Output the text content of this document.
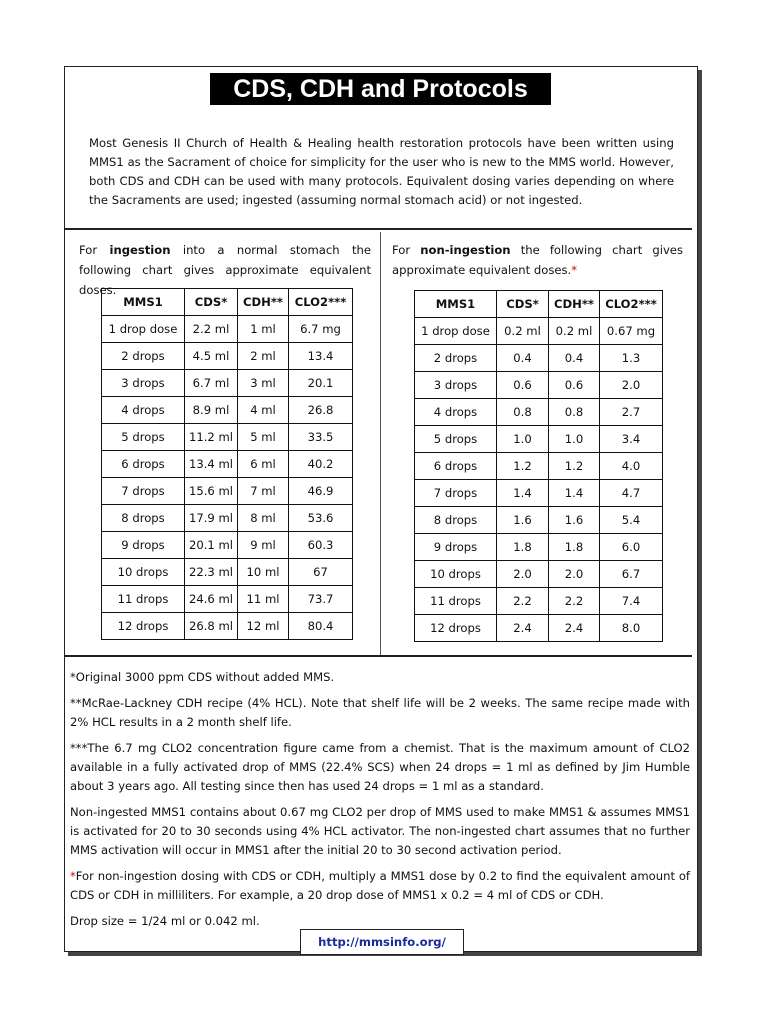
CDS, CDH and Protocols
Most Genesis II Church of Health & Healing health restoration protocols have been written using MMS1 as the Sacrament of choice for simplicity for the user who is new to the MMS world. However, both CDS and CDH can be used with many protocols. Equivalent dosing varies depending on where the Sacraments are used; ingested (assuming normal stomach acid) or not ingested.
For ingestion into a normal stomach the following chart gives approximate equivalent doses.
For non-ingestion the following chart gives approximate equivalent doses.*
MMS1	CDS*	CDH**	CLO2***
1 drop dose	2.2 ml	1 ml	6.7 mg
2 drops	4.5 ml	2 ml	13.4
3 drops	6.7 ml	3 ml	20.1
4 drops	8.9 ml	4 ml	26.8
5 drops	11.2 ml	5 ml	33.5
6 drops	13.4 ml	6 ml	40.2
7 drops	15.6 ml	7 ml	46.9
8 drops	17.9 ml	8 ml	53.6
9 drops	20.1 ml	9 ml	60.3
10 drops	22.3 ml	10 ml	67
11 drops	24.6 ml	11 ml	73.7
12 drops	26.8 ml	12 ml	80.4
MMS1	CDS*	CDH**	CLO2***
1 drop dose	0.2 ml	0.2 ml	0.67 mg
2 drops	0.4	0.4	1.3
3 drops	0.6	0.6	2.0
4 drops	0.8	0.8	2.7
5 drops	1.0	1.0	3.4
6 drops	1.2	1.2	4.0
7 drops	1.4	1.4	4.7
8 drops	1.6	1.6	5.4
9 drops	1.8	1.8	6.0
10 drops	2.0	2.0	6.7
11 drops	2.2	2.2	7.4
12 drops	2.4	2.4	8.0

*Original 3000 ppm CDS without added MMS.

**McRae-Lackney CDH recipe (4% HCL). Note that shelf life will be 2 weeks. The same recipe made with 2% HCL results in a 2 month shelf life.

***The 6.7 mg CLO2 concentration figure came from a chemist. That is the maximum amount of CLO2 available in a fully activated drop of MMS (22.4% SCS) when 24 drops = 1 ml as defined by Jim Humble about 3 years ago. All testing since then has used 24 drops = 1 ml as a standard.

Non-ingested MMS1 contains about 0.67 mg CLO2 per drop of MMS used to make MMS1 & assumes MMS1 is activated for 20 to 30 seconds using 4% HCL activator. The non-ingested chart assumes that no further MMS activation will occur in MMS1 after the initial 20 to 30 second activation period.

*For non-ingestion dosing with CDS or CDH, multiply a MMS1 dose by 0.2 to find the equivalent amount of CDS or CDH in milliliters. For example, a 20 drop dose of MMS1 x 0.2 = 4 ml of CDS or CDH.

Drop size = 1/24 ml or 0.042 ml.

http://mmsinfo.org/
